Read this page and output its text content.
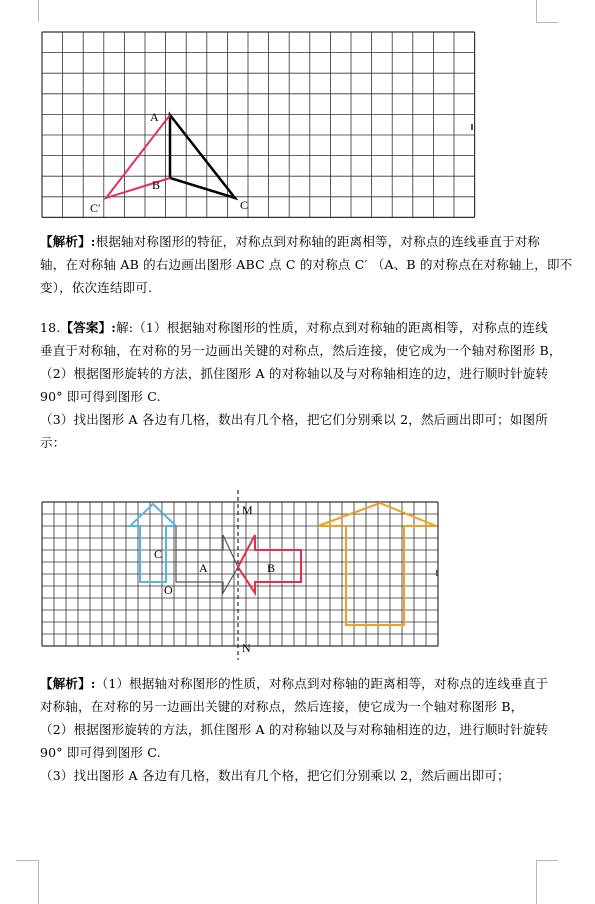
A
B
C
C′
【解析】:根据轴对称图形的特征，对称点到对称轴的距离相等，对称点的连线垂直于对称
轴，在对称轴 AB 的右边画出图形 ABC 点 C 的对称点 C′ （A、B 的对称点在对称轴上，即不
变），依次连结即可.
18.【答案】:解:（1）根据轴对称图形的性质，对称点到对称轴的距离相等，对称点的连线
垂直于对称轴，在对称的另一边画出关键的对称点，然后连接，使它成为一个轴对称图形 B，
（2）根据图形旋转的方法，抓住图形 A 的对称轴以及与对称轴相连的边，进行顺时针旋转
90° 即可得到图形 C.
（3）找出图形 A 各边有几格，数出有几个格，把它们分别乘以 2，然后画出即可；如图所
示：
M
N
A	B
C
O
【解析】:（1）根据轴对称图形的性质，对称点到对称轴的距离相等，对称点的连线垂直于
对称轴，在对称的另一边画出关键的对称点，然后连接，使它成为一个轴对称图形 B，
（2）根据图形旋转的方法，抓住图形 A 的对称轴以及与对称轴相连的边，进行顺时针旋转
90° 即可得到图形 C.
（3）找出图形 A 各边有几格，数出有几个格，把它们分别乘以 2，然后画出即可；
